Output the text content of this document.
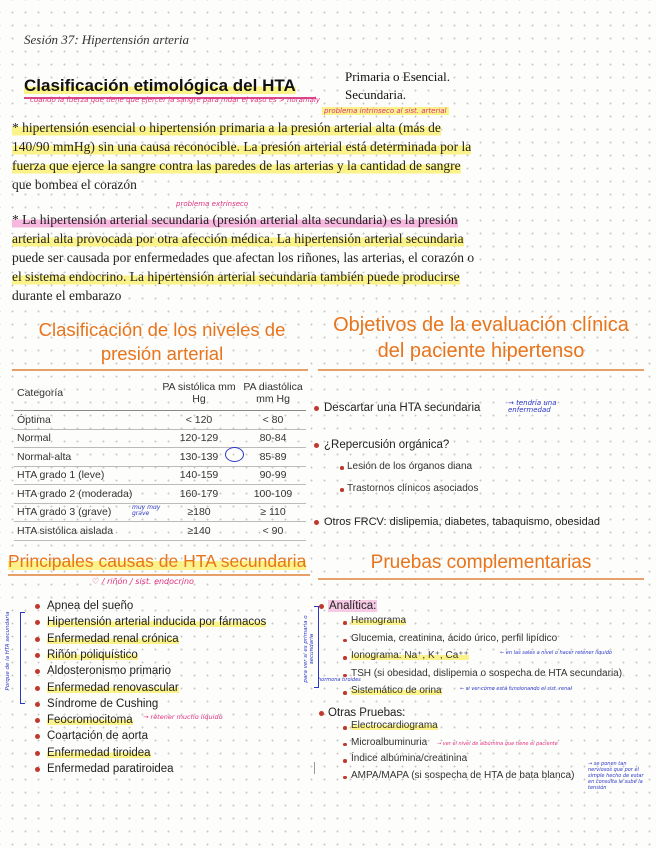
Sesión 37: Hipertensión arteria
Clasificación etimológica del HTA
cuando la fuerza que tiene que ejercer la sangre para mdar el vaso es > noramaly
Primaria o Esencial.
Secundaria.
problema intrinseco al sist. arterial
* hipertensión esencial o hipertensión primaria a la presión arterial alta (más de
140/90 mmHg) sin una causa reconocible. La presión arterial está determinada por la
fuerza que ejerce la sangre contra las paredes de las arterias y la cantidad de sangre
que bombea el corazón
problema extrinseco
* La hipertensión arterial secundaria (presión arterial alta secundaria) es la presión
arterial alta provocada por otra afección médica. La hipertensión arterial secundaria
puede ser causada por enfermedades que afectan los riñones, las arterias, el corazón o
el sistema endocrino. La hipertensión arterial secundaria también puede producirse
durante el embarazo
Clasificación de los niveles de
presión arterial
Objetivos de la evaluación clínica
del paciente hipertenso
Categoría	PA sistólica mm Hg	PA diastólica mm Hg
Óptima	< 120	< 80
Normal	120-129	80-84
Normal-alta	130-139	85-89
HTA grado 1 (leve)	140-159	90-99
HTA grado 2 (moderada)	160-179	100-109
HTA grado 3 (grave)	≥180	≥ 110
HTA sistólica aislada	≥140	< 90
muy muy grave
Descartar una HTA secundaria	→ tendría una enfermedad
¿Repercusión orgánica?
Lesión de los órganos diana
Trastornos clínicos asociados
Otros FRCV: dislipemia, diabetes, tabaquismo, obesidad
Principales causas de HTA secundaria
♡ / riñón / sist. endocrino
Pruebas complementarias
Porque de la HTA secundaria
Apnea del sueño
Hipertensión arterial inducida por fármacos
Enfermedad renal crónica
Riñón poliquístico
Aldosteronismo primario
Enfermedad renovascular
Síndrome de Cushing
Feocromocitoma
Coartación de aorta
Enfermedad tiroidea
Enfermedad paratiroidea
→ retener mucho líquido
para ver si es primaria o secundaria
Analítica:
Hemograma
Glucemia, creatinina, ácido úrico, perfil lipídico
Ionograma: Na⁺, K⁺, Ca⁺⁺
TSH (si obesidad, dislipemia o sospecha de HTA secundaria)
Sistemático de orina
← en las sales a nivel o hacer retener líquido
← si ver cómo está funcionando el sist. renal
hormona tiroides
Otras Pruebas:
Electrocardiograma
Microalbuminuria
Índice albúmina/creatinina
AMPA/MAPA (si sospecha de HTA de bata blanca)
→ ver el nivel de albúmina que tiene el paciente
→ se ponen tan nerviosos que por el simple hecho de estar en consulta le sube la tensión
